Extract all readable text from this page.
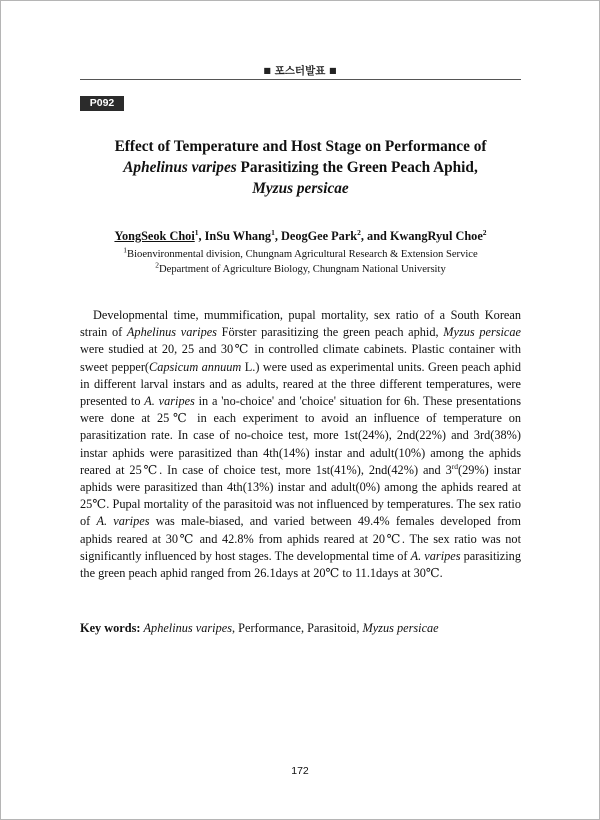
■ 포스터발표 ■
P092
Effect of Temperature and Host Stage on Performance of
Aphelinus varipes Parasitizing the Green Peach Aphid,
Myzus persicae
YongSeok Choi$^1$, InSu Whang$^1$, DeogGee Park$^2$, and KwangRyul Choe$^2$
$^1$Bioenvironmental division, Chungnam Agricultural Research & Extension Service
$^2$Department of Agriculture Biology, Chungnam National University

Developmental time, mummification, pupal mortality, sex ratio of a South Korean strain of Aphelinus varipes Förster parasitizing the green peach aphid, Myzus persicae were studied at 20, 25 and 30℃ in controlled climate cabinets. Plastic container with sweet pepper(Capsicum annuum L.) were used as experimental units. Green peach aphid in different larval instars and as adults, reared at the three different temperatures, were presented to A. varipes in a 'no-choice' and 'choice' situation for 6h. These presentations were done at 25℃ in each experiment to avoid an influence of temperature on parasitization rate. In case of no-choice test, more 1st(24%), 2nd(22%) and 3rd(38%) instar aphids were parasitized than 4th(14%) instar and adult(10%) among the aphids reared at 25℃. In case of choice test, more 1st(41%), 2nd(42%) and 3rd(29%) instar aphids were parasitized than 4th(13%) instar and adult(0%) among the aphids reared at 25℃. Pupal mortality of the parasitoid was not influenced by temperatures. The sex ratio of A. varipes was male-biased, and varied between 49.4% females developed from aphids reared at 30℃ and 42.8% from aphids reared at 20℃. The sex ratio was not significantly influenced by host stages. The developmental time of A. varipes parasitizing the green peach aphid ranged from 26.1days at 20℃ to 11.1days at 30℃.

Key words: Aphelinus varipes, Performance, Parasitoid, Myzus persicae
172
